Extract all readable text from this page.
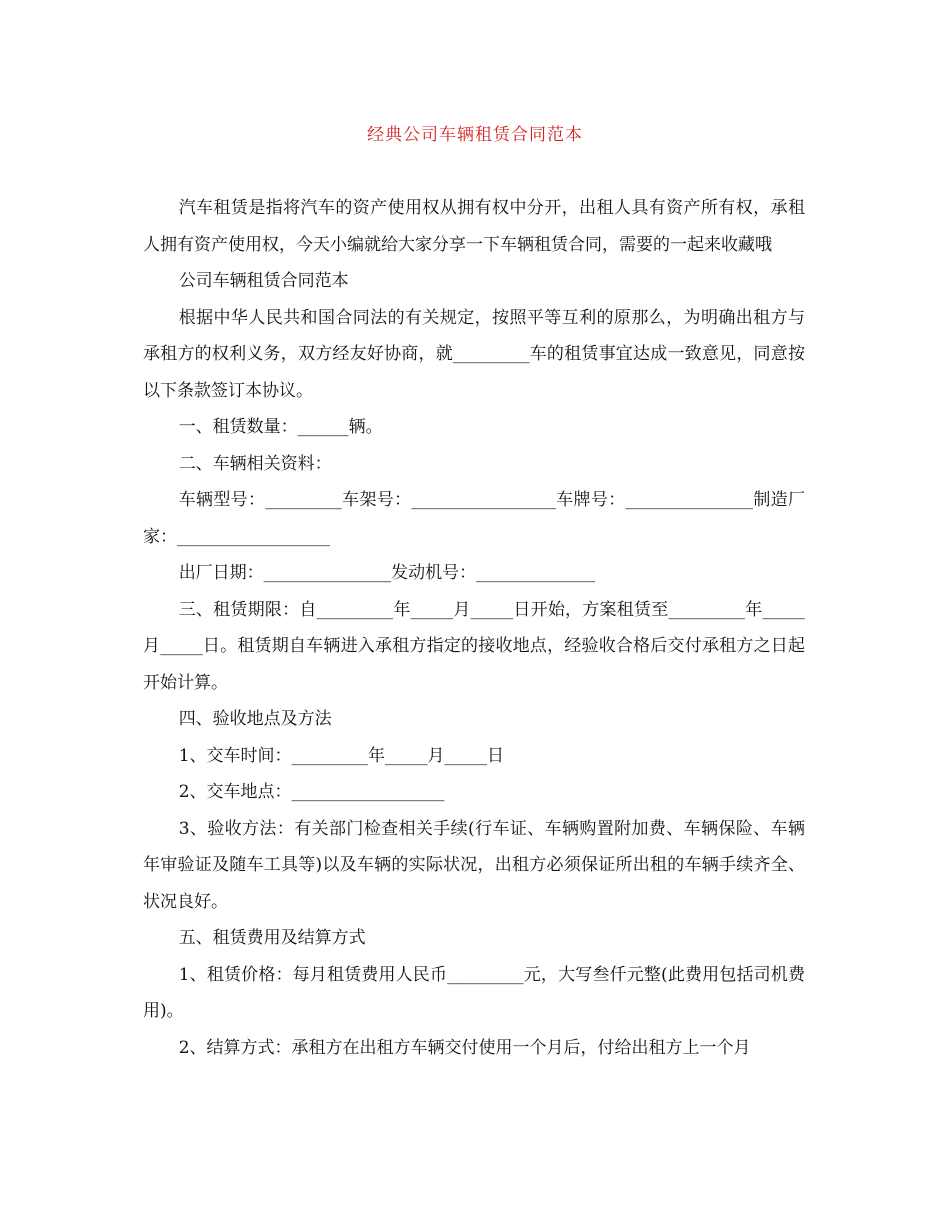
经典公司车辆租赁合同范本

汽车租赁是指将汽车的资产使用权从拥有权中分开，出租人具有资产所有权，承租人拥有资产使用权，今天小编就给大家分享一下车辆租赁合同，需要的一起来收藏哦

公司车辆租赁合同范本

根据中华人民共和国合同法的有关规定，按照平等互利的原那么，为明确出租方与承租方的权利义务，双方经友好协商，就_________车的租赁事宜达成一致意见，同意按以下条款签订本协议。

一、租赁数量：______辆。

二、车辆相关资料：

车辆型号：_________车架号：_________________车牌号：_______________制造厂家：__________________

出厂日期：_______________发动机号：______________

三、租赁期限：自_________年_____月_____日开始，方案租赁至_________年_____月_____日。租赁期自车辆进入承租方指定的接收地点，经验收合格后交付承租方之日起开始计算。

四、验收地点及方法

1、交车时间：_________年_____月_____日

2、交车地点：__________________

3、验收方法：有关部门检查相关手续(行车证、车辆购置附加费、车辆保险、车辆年审验证及随车工具等)以及车辆的实际状况，出租方必须保证所出租的车辆手续齐全、状况良好。

五、租赁费用及结算方式

1、租赁价格：每月租赁费用人民币_________元，大写叁仟元整(此费用包括司机费用)。

2、结算方式：承租方在出租方车辆交付使用一个月后，付给出租方上一个月
